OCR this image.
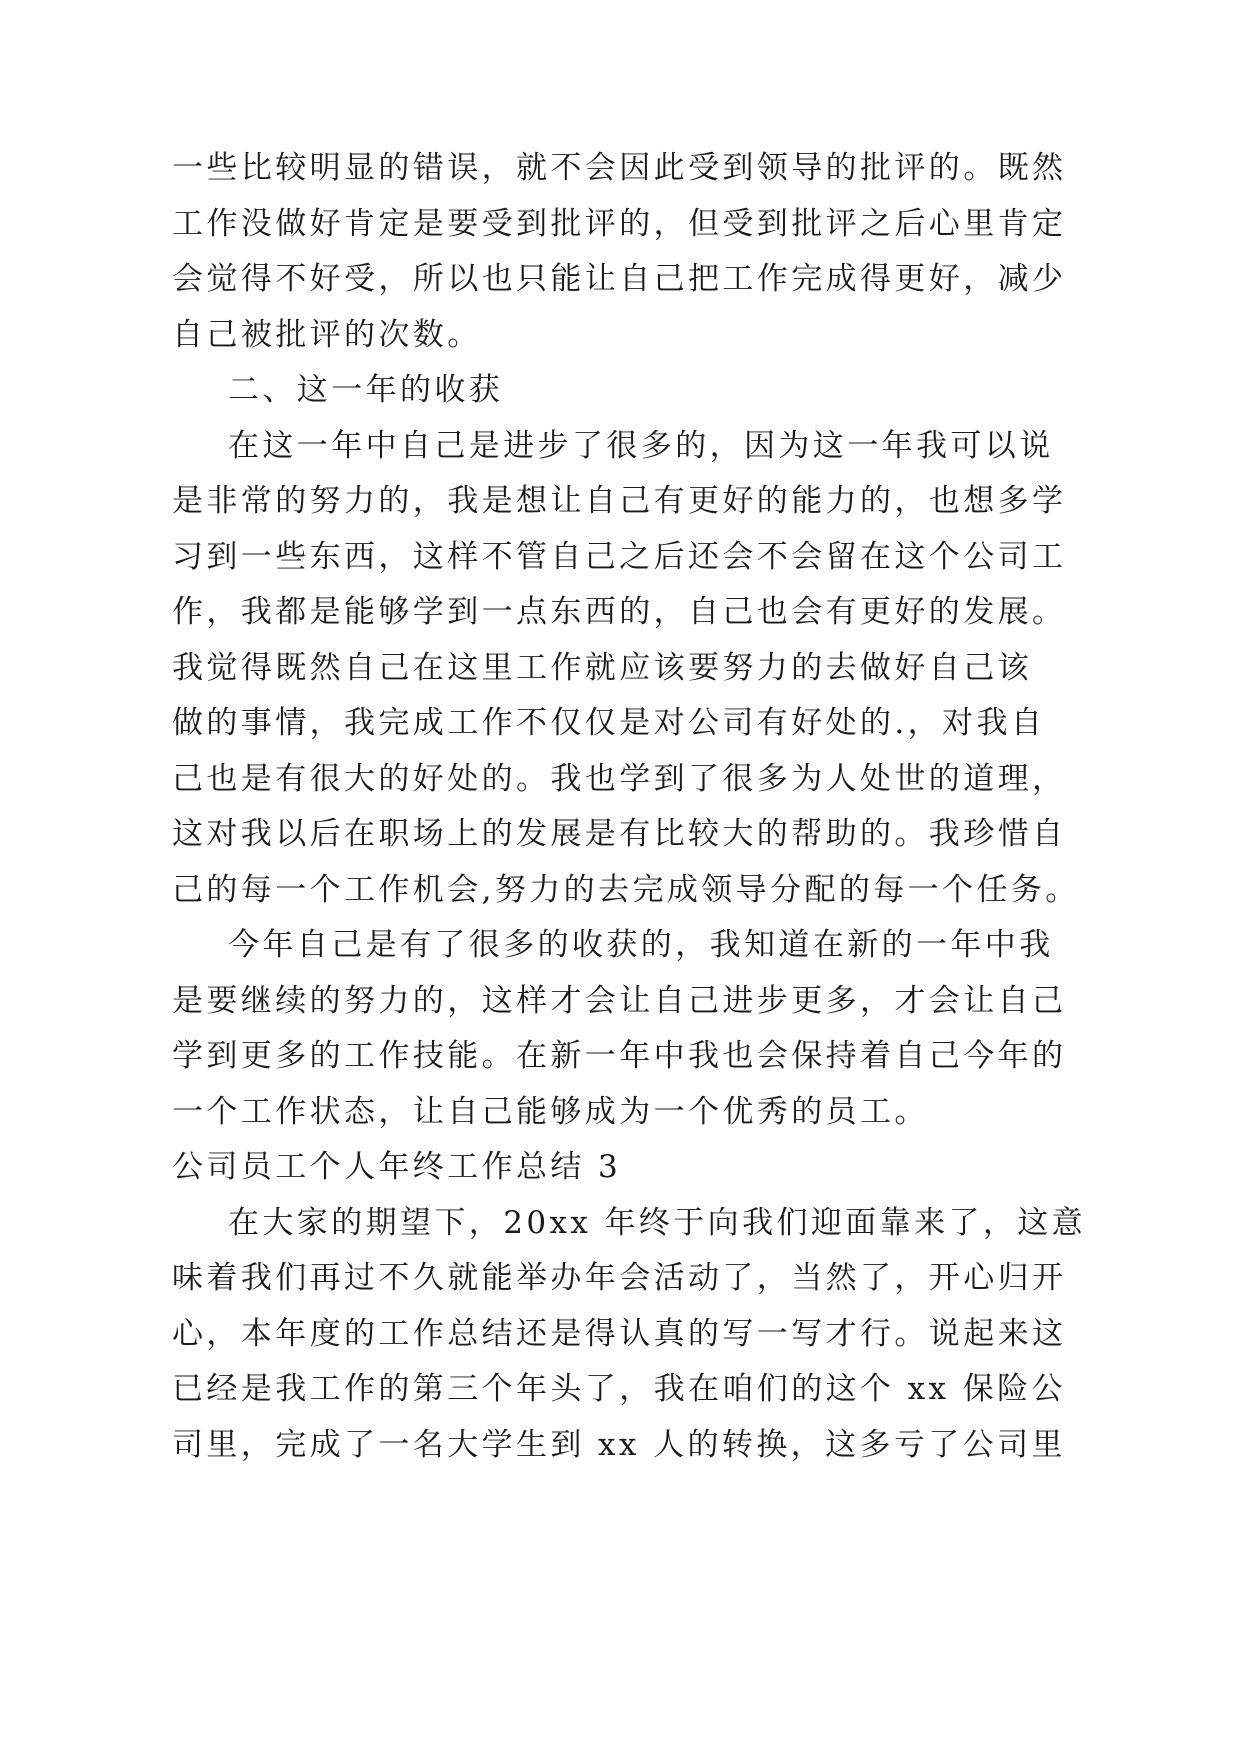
一些比较明显的错误，就不会因此受到领导的批评的。既然
工作没做好肯定是要受到批评的，但受到批评之后心里肯定
会觉得不好受，所以也只能让自己把工作完成得更好，减少
自己被批评的次数。
二、这一年的收获
在这一年中自己是进步了很多的，因为这一年我可以说
是非常的努力的，我是想让自己有更好的能力的，也想多学
习到一些东西，这样不管自己之后还会不会留在这个公司工
作，我都是能够学到一点东西的，自己也会有更好的发展。
我觉得既然自己在这里工作就应该要努力的去做好自己该
做的事情，我完成工作不仅仅是对公司有好处的.，对我自
己也是有很大的好处的。我也学到了很多为人处世的道理，
这对我以后在职场上的发展是有比较大的帮助的。我珍惜自
己的每一个工作机会,努力的去完成领导分配的每一个任务。
今年自己是有了很多的收获的，我知道在新的一年中我
是要继续的努力的，这样才会让自己进步更多，才会让自己
学到更多的工作技能。在新一年中我也会保持着自己今年的
一个工作状态，让自己能够成为一个优秀的员工。
公司员工个人年终工作总结 3
在大家的期望下，20xx 年终于向我们迎面靠来了，这意
味着我们再过不久就能举办年会活动了，当然了，开心归开
心，本年度的工作总结还是得认真的写一写才行。说起来这
已经是我工作的第三个年头了，我在咱们的这个 xx 保险公
司里，完成了一名大学生到 xx 人的转换，这多亏了公司里
